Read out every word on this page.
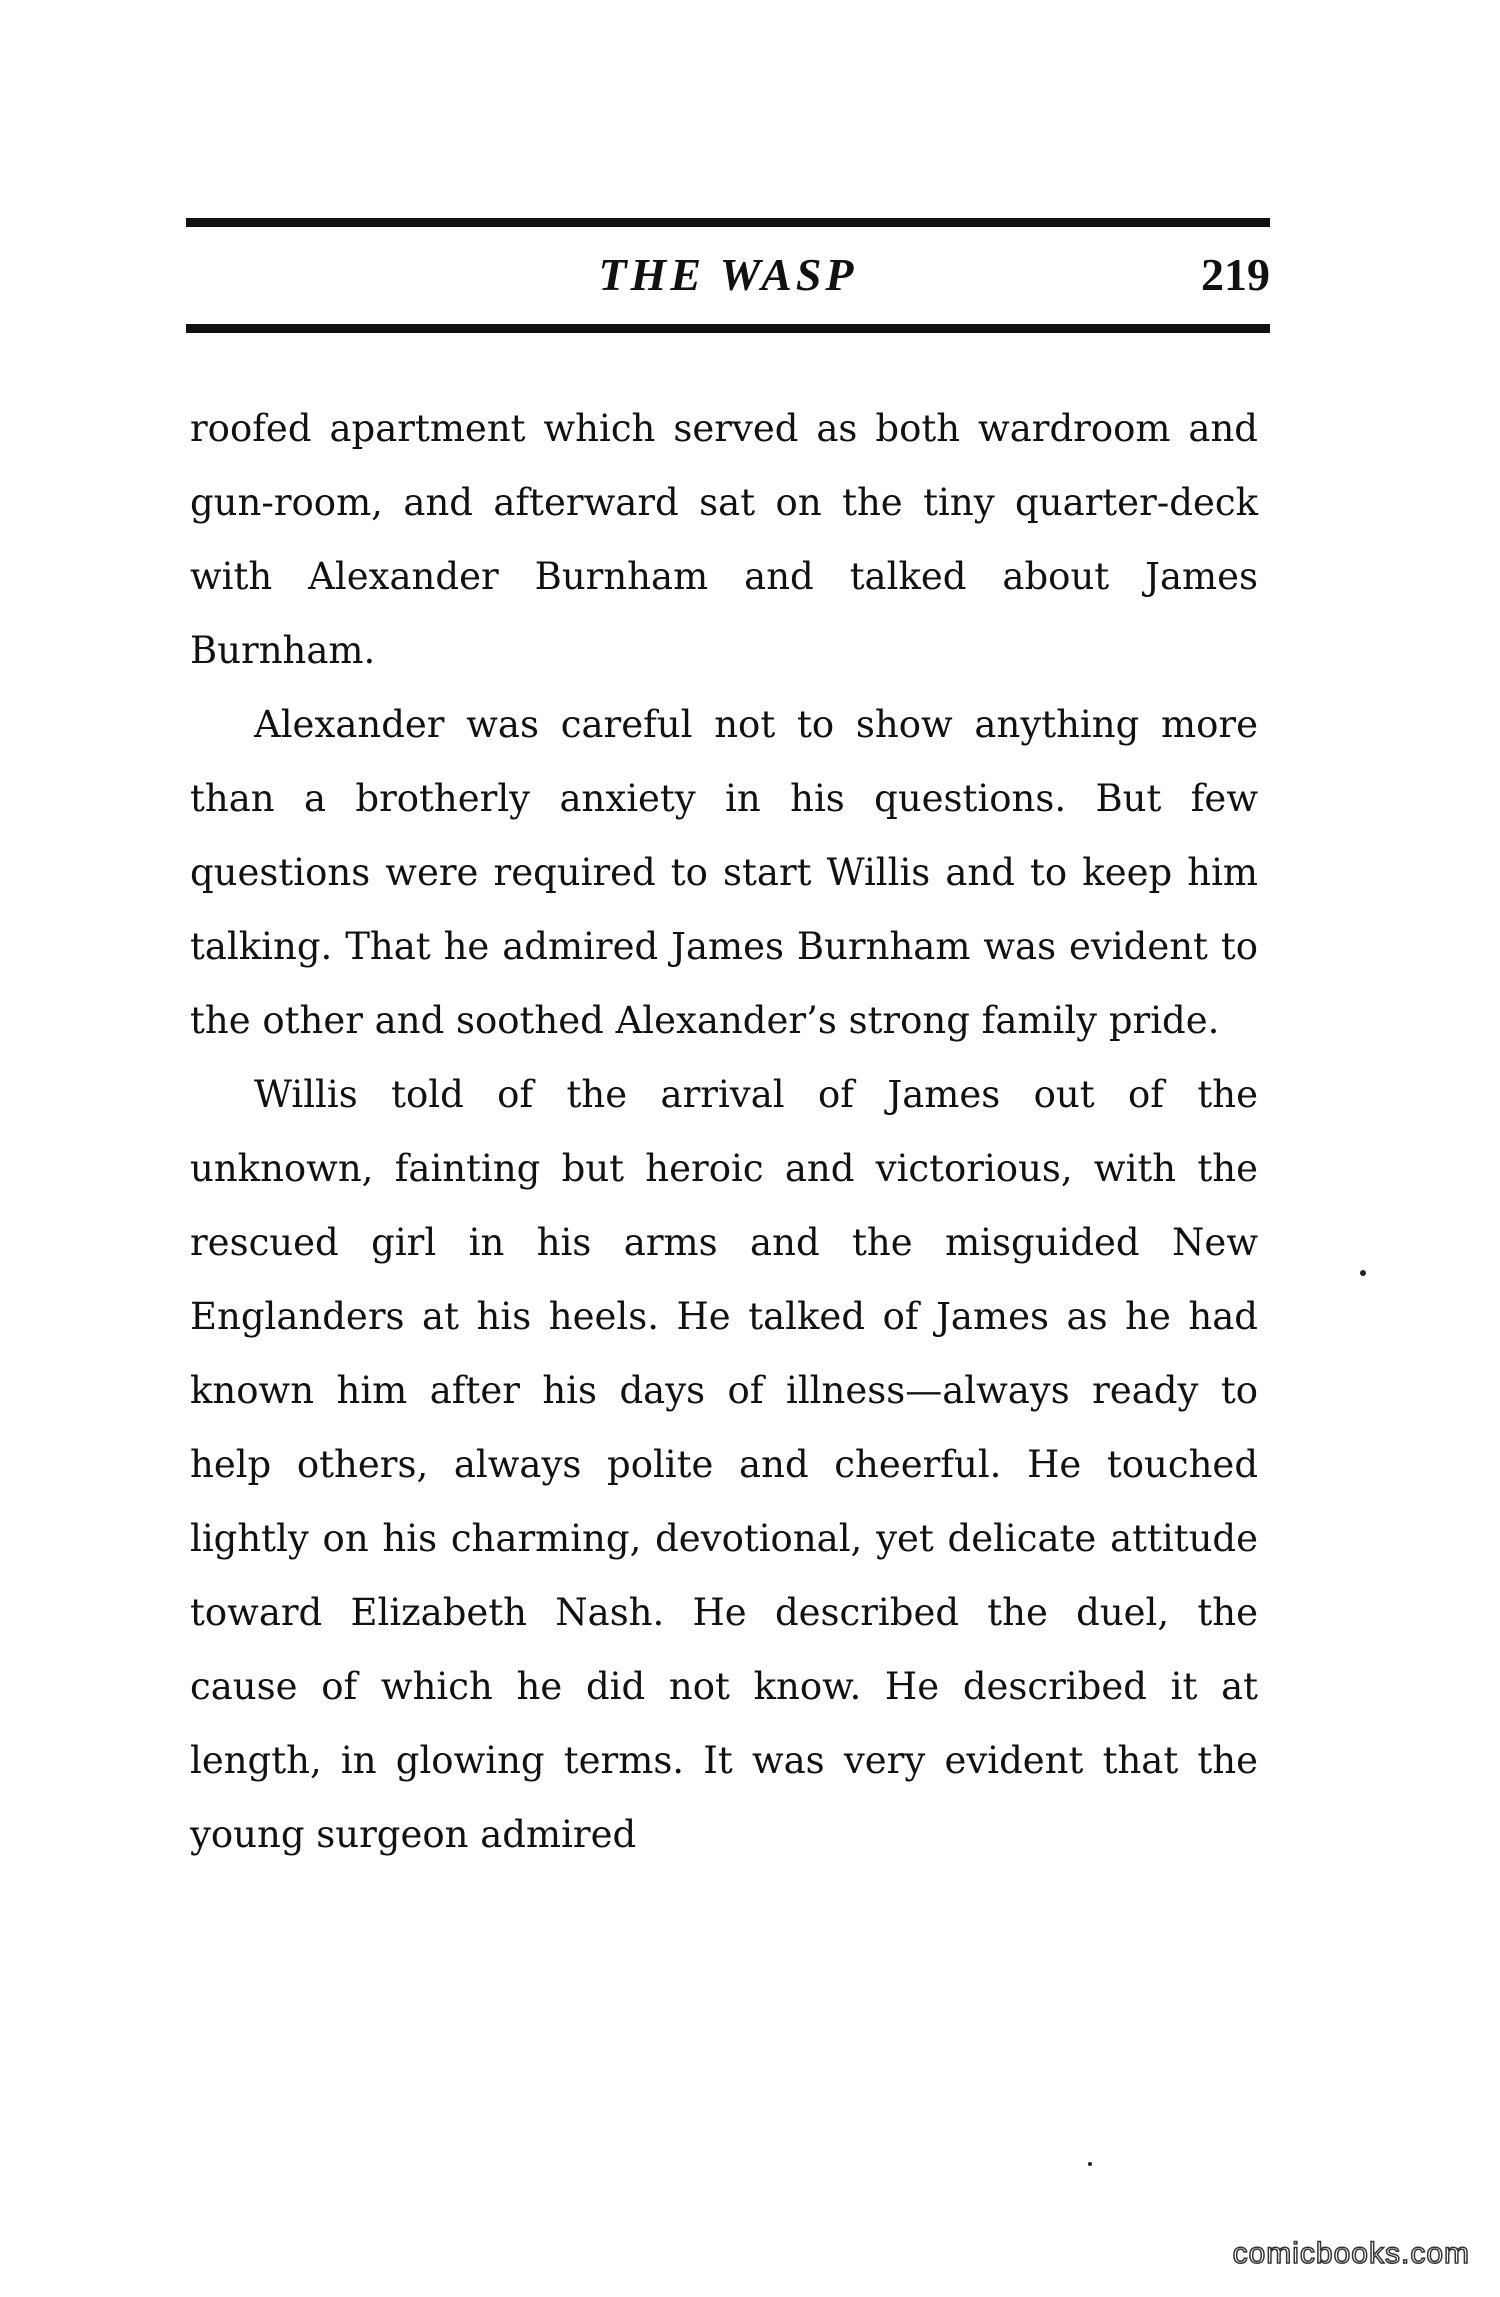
THE WASP	219

roofed apartment which served as both wardroom and gun-room, and afterward sat on the tiny quarter-deck with Alexander Burnham and talked about James Burnham.

Alexander was careful not to show anything more than a brotherly anxiety in his questions. But few questions were required to start Willis and to keep him talking. That he admired James Burnham was evident to the other and soothed Alexander’s strong family pride.

Willis told of the arrival of James out of the unknown, fainting but heroic and victorious, with the rescued girl in his arms and the misguided New Englanders at his heels. He talked of James as he had known him after his days of illness—always ready to help others, always polite and cheerful. He touched lightly on his charming, devotional, yet delicate attitude toward Elizabeth Nash. He described the duel, the cause of which he did not know. He described it at length, in glowing terms. It was very evident that the young surgeon admired

comicbooks.com
